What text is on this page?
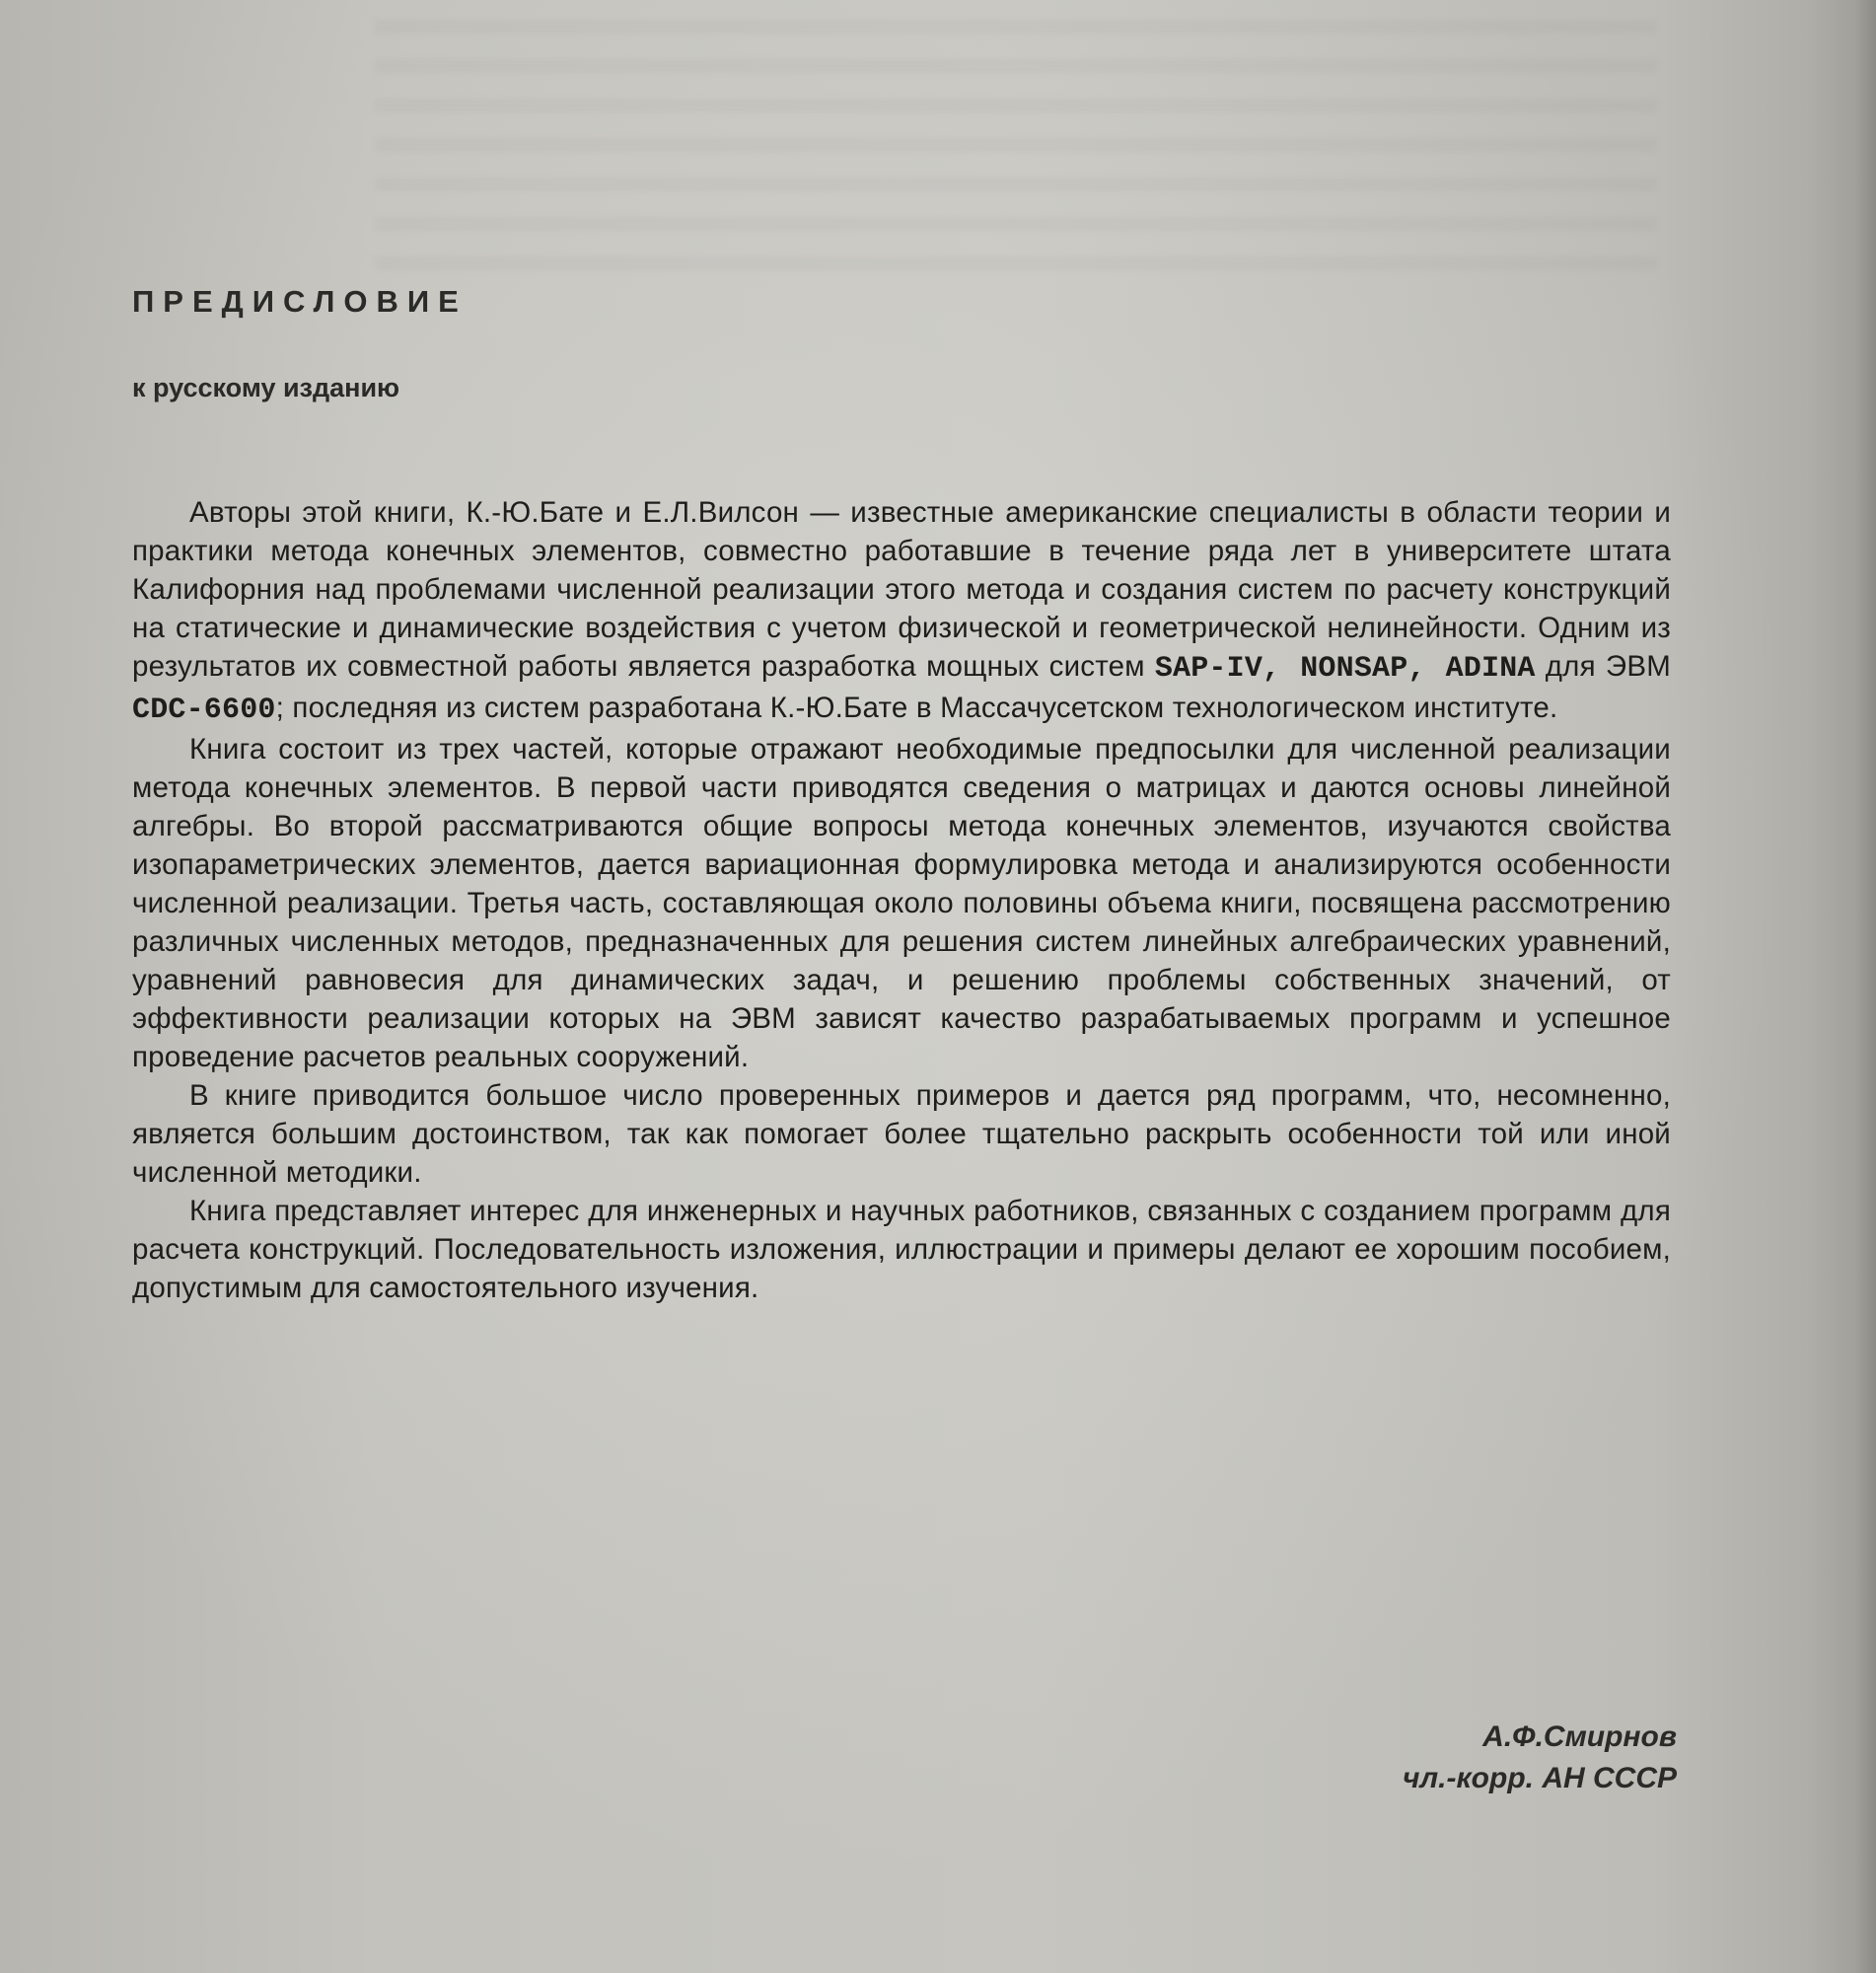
ПРЕДИСЛОВИЕ
к русскому изданию

Авторы этой книги, К.-Ю.Бате и Е.Л.Вилсон — известные американские специалисты в области теории и практики метода конечных элементов, совместно работавшие в течение ряда лет в университете штата Калифорния над проблемами численной реализации этого метода и создания систем по расчету конструкций на статические и динамические воздействия с учетом физической и геометрической нелинейности. Одним из результатов их совместной работы является разработка мощных систем SAP-IV, NONSAP, ADINA для ЭВМ CDC-6600; последняя из систем разработана К.-Ю.Бате в Массачусетском технологическом институте.

Книга состоит из трех частей, которые отражают необходимые предпосылки для численной реализации метода конечных элементов. В первой части приводятся сведения о матрицах и даются основы линейной алгебры. Во второй рассматриваются общие вопросы метода конечных элементов, изучаются свойства изопараметрических элементов, дается вариационная формулировка метода и анализируются особенности численной реализации. Третья часть, составляющая около половины объема книги, посвящена рассмотрению различных численных методов, предназначенных для решения систем линейных алгебраических уравнений, уравнений равновесия для динамических задач, и решению проблемы собственных значений, от эффективности реализации которых на ЭВМ зависят качество разрабатываемых программ и успешное проведение расчетов реальных сооружений.

В книге приводится большое число проверенных примеров и дается ряд программ, что, несомненно, является большим достоинством, так как помогает более тщательно раскрыть особенности той или иной численной методики.

Книга представляет интерес для инженерных и научных работников, связанных с созданием программ для расчета конструкций. Последовательность изложения, иллюстрации и примеры делают ее хорошим пособием, допустимым для самостоятельного изучения.

А.Ф.Смирнов
чл.-корр. АН СССР
